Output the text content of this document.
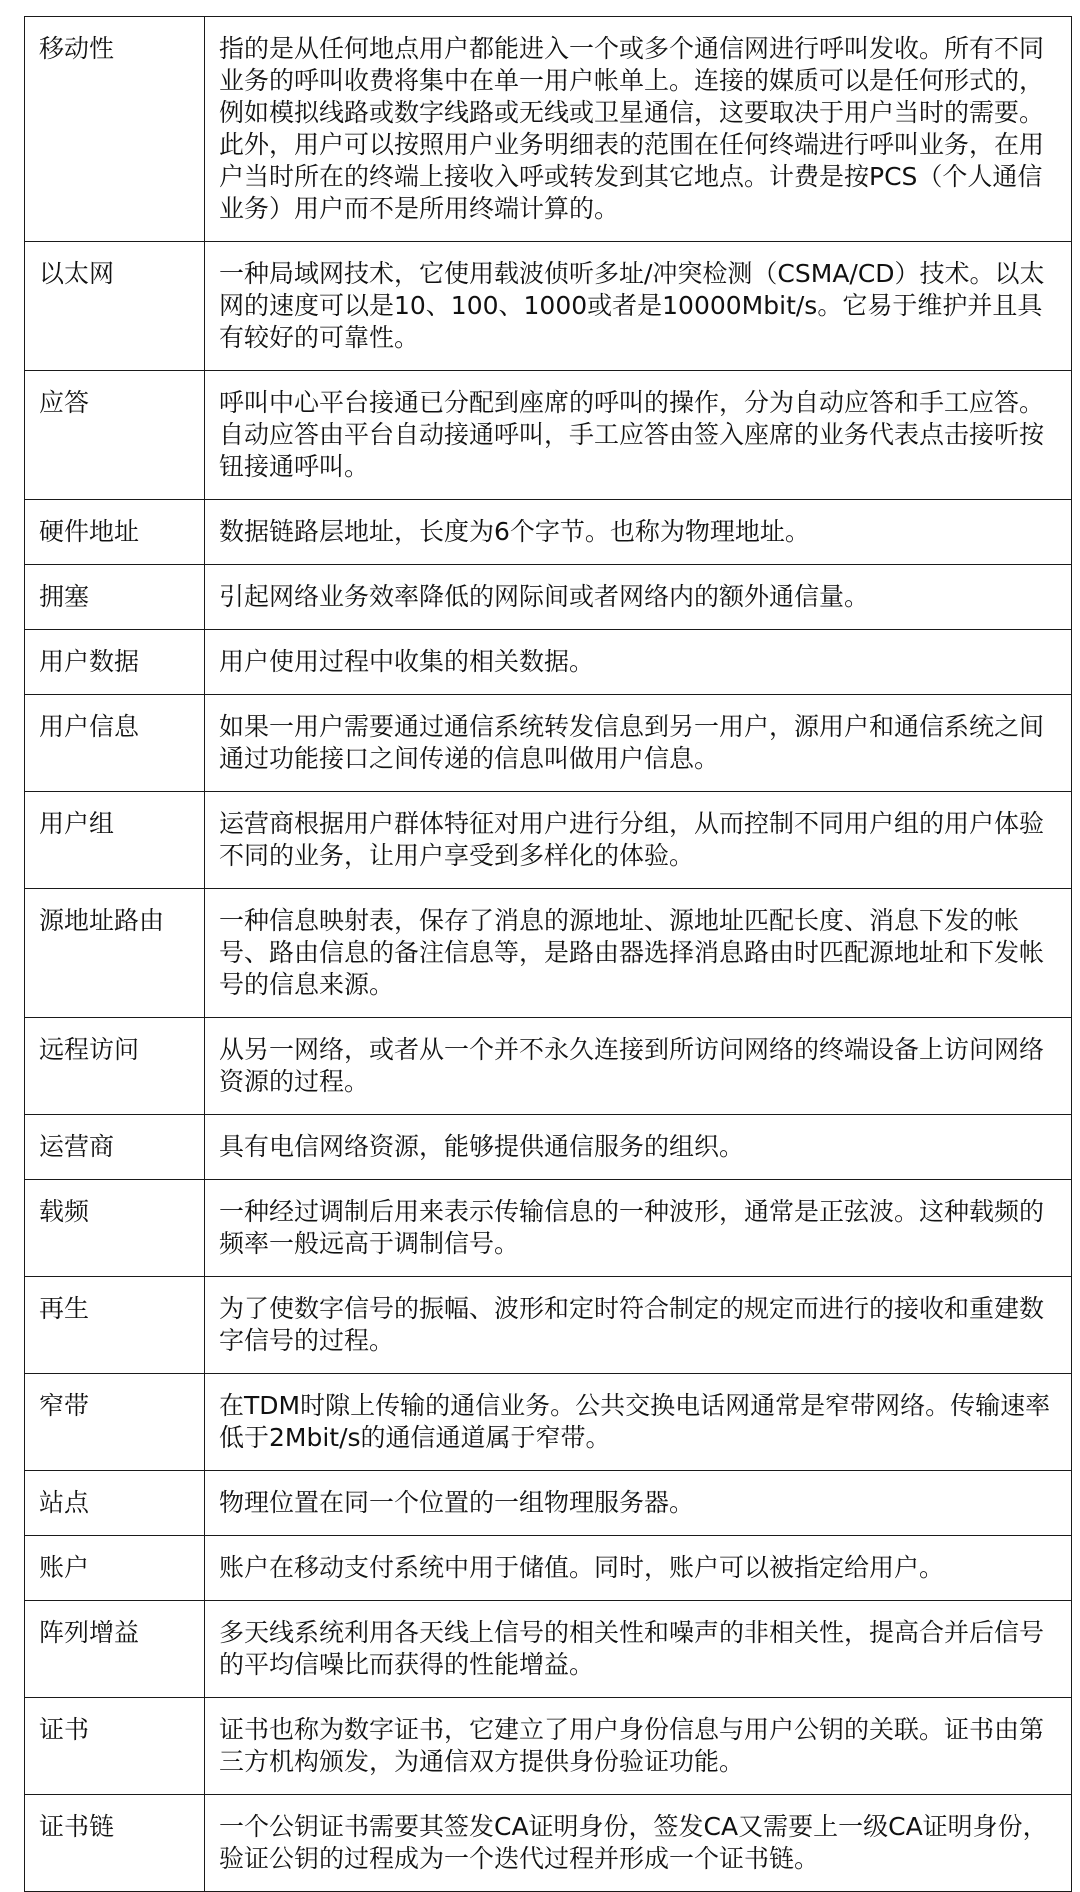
移动性	指的是从任何地点用户都能进入一个或多个通信网进行呼叫发收。所有不同业务的呼叫收费将集中在单一用户帐单上。连接的媒质可以是任何形式的，例如模拟线路或数字线路或无线或卫星通信，这要取决于用户当时的需要。此外，用户可以按照用户业务明细表的范围在任何终端进行呼叫业务，在用户当时所在的终端上接收入呼或转发到其它地点。计费是按PCS（个人通信业务）用户而不是所用终端计算的。
以太网	一种局域网技术，它使用载波侦听多址/冲突检测（CSMA/CD）技术。以太网的速度可以是10、100、1000或者是10000Mbit/s。它易于维护并且具有较好的可靠性。
应答	呼叫中心平台接通已分配到座席的呼叫的操作，分为自动应答和手工应答。自动应答由平台自动接通呼叫，手工应答由签入座席的业务代表点击接听按钮接通呼叫。
硬件地址	数据链路层地址，长度为6个字节。也称为物理地址。
拥塞	引起网络业务效率降低的网际间或者网络内的额外通信量。
用户数据	用户使用过程中收集的相关数据。
用户信息	如果一用户需要通过通信系统转发信息到另一用户，源用户和通信系统之间通过功能接口之间传递的信息叫做用户信息。
用户组	运营商根据用户群体特征对用户进行分组，从而控制不同用户组的用户体验不同的业务，让用户享受到多样化的体验。
源地址路由	一种信息映射表，保存了消息的源地址、源地址匹配长度、消息下发的帐号、路由信息的备注信息等，是路由器选择消息路由时匹配源地址和下发帐号的信息来源。
远程访问	从另一网络，或者从一个并不永久连接到所访问网络的终端设备上访问网络资源的过程。
运营商	具有电信网络资源，能够提供通信服务的组织。
载频	一种经过调制后用来表示传输信息的一种波形，通常是正弦波。这种载频的频率一般远高于调制信号。
再生	为了使数字信号的振幅、波形和定时符合制定的规定而进行的接收和重建数字信号的过程。
窄带	在TDM时隙上传输的通信业务。公共交换电话网通常是窄带网络。传输速率低于2Mbit/s的通信通道属于窄带。
站点	物理位置在同一个位置的一组物理服务器。
账户	账户在移动支付系统中用于储值。同时，账户可以被指定给用户。
阵列增益	多天线系统利用各天线上信号的相关性和噪声的非相关性，提高合并后信号的平均信噪比而获得的性能增益。
证书	证书也称为数字证书，它建立了用户身份信息与用户公钥的关联。证书由第三方机构颁发，为通信双方提供身份验证功能。
证书链	一个公钥证书需要其签发CA证明身份，签发CA又需要上一级CA证明身份，验证公钥的过程成为一个迭代过程并形成一个证书链。
